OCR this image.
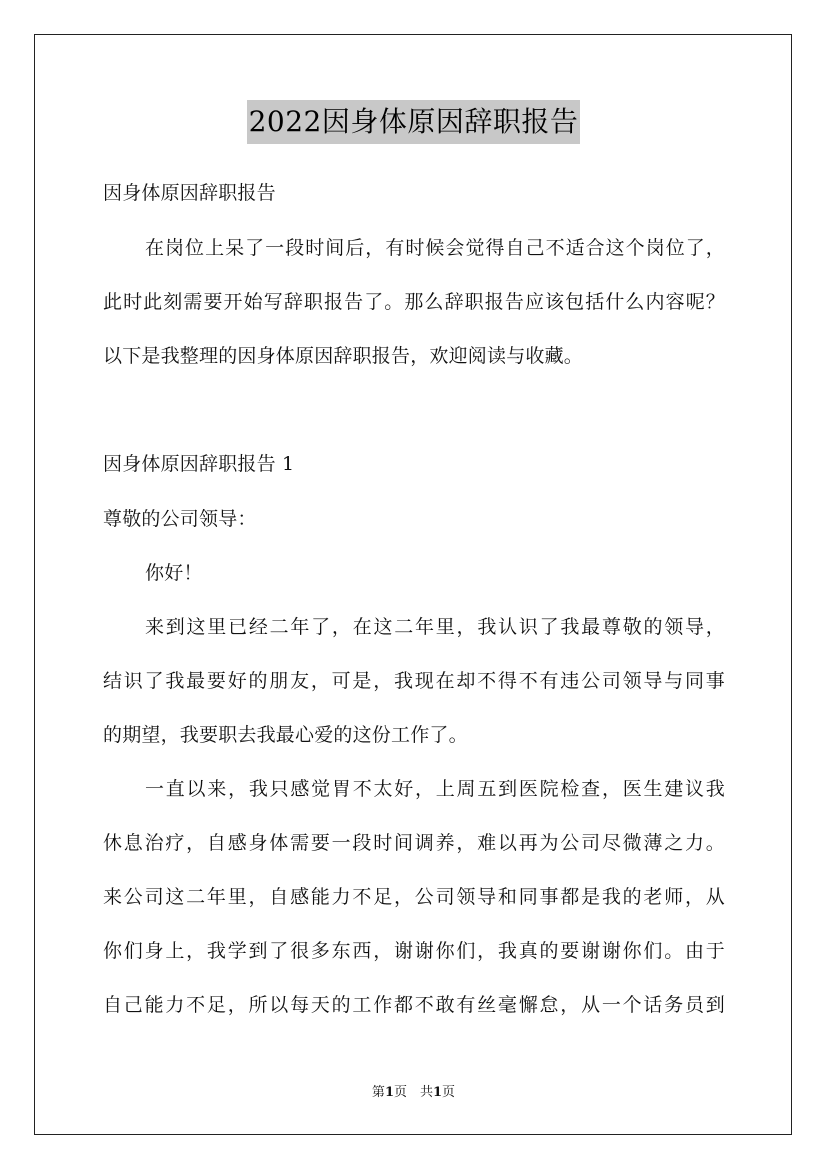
2022因身体原因辞职报告
因身体原因辞职报告
在岗位上呆了一段时间后，有时候会觉得自己不适合这个岗位了，
此时此刻需要开始写辞职报告了。那么辞职报告应该包括什么内容呢？
以下是我整理的因身体原因辞职报告，欢迎阅读与收藏。
因身体原因辞职报告 1
尊敬的公司领导：
你好！
来到这里已经二年了，在这二年里，我认识了我最尊敬的领导，
结识了我最要好的朋友，可是，我现在却不得不有违公司领导与同事
的期望，我要职去我最心爱的这份工作了。
一直以来，我只感觉胃不太好，上周五到医院检查，医生建议我
休息治疗，自感身体需要一段时间调养，难以再为公司尽微薄之力。
来公司这二年里，自感能力不足，公司领导和同事都是我的老师，从
你们身上，我学到了很多东西，谢谢你们，我真的要谢谢你们。由于
自己能力不足，所以每天的工作都不敢有丝毫懈怠，从一个话务员到
第1页　共1页
